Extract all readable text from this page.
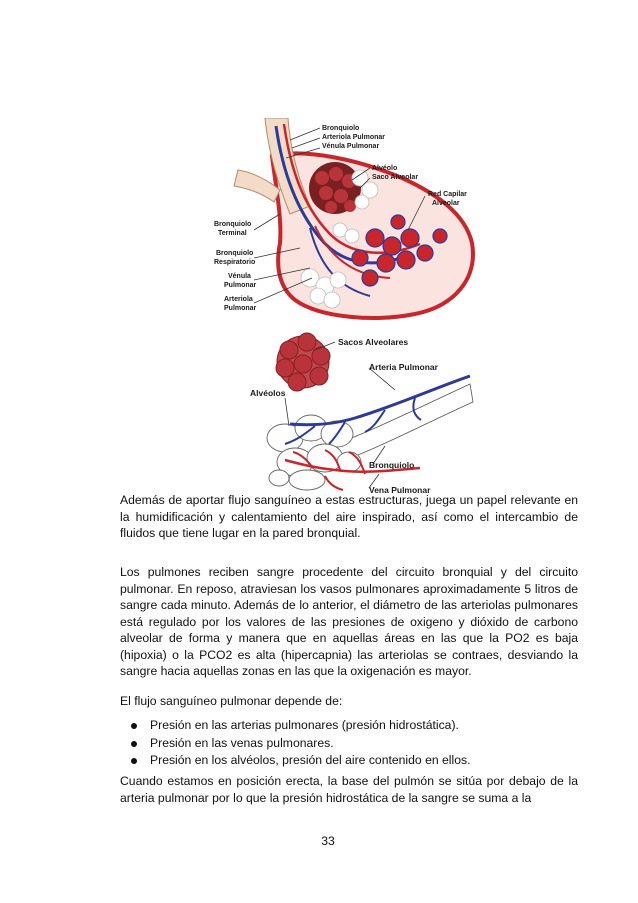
Bronquiolo
Arteriola Pulmonar
Vénula Pulmonar
Alvéolo
Saco Alveolar
Red Capilar
Alveolar
Bronquiolo
Terminal
Bronquiolo
Respiratorio
Vénula
Pulmonar
Arteriola
Pulmonar
Sacos Alveolares
Arteria Pulmonar
Alvéolos
Bronquiolo
Vena Pulmonar

Además de aportar flujo sanguíneo a estas estructuras, juega un papel relevante en la humidificación y calentamiento del aire inspirado, así como el intercambio de fluidos que tiene lugar en la pared bronquial.

Los pulmones reciben sangre procedente del circuito bronquial y del circuito pulmonar. En reposo, atraviesan los vasos pulmonares aproximadamente 5 litros de sangre cada minuto. Además de lo anterior, el diámetro de las arteriolas pulmonares está regulado por los valores de las presiones de oxigeno y dióxido de carbono alveolar de forma y manera que en aquellas áreas en las que la PO2 es baja (hipoxia) o la PCO2 es alta (hipercapnia) las arteriolas se contraes, desviando la sangre hacia aquellas zonas en las que la oxigenación es mayor.

El flujo sanguíneo pulmonar depende de:

Presión en las arterias pulmonares (presión hidrostática).
Presión en las venas pulmonares.
Presión en los alvéolos, presión del aire contenido en ellos.

Cuando estamos en posición erecta, la base del pulmón se sitúa por debajo de la arteria pulmonar por lo que la presión hidrostática de la sangre se suma a la

33
